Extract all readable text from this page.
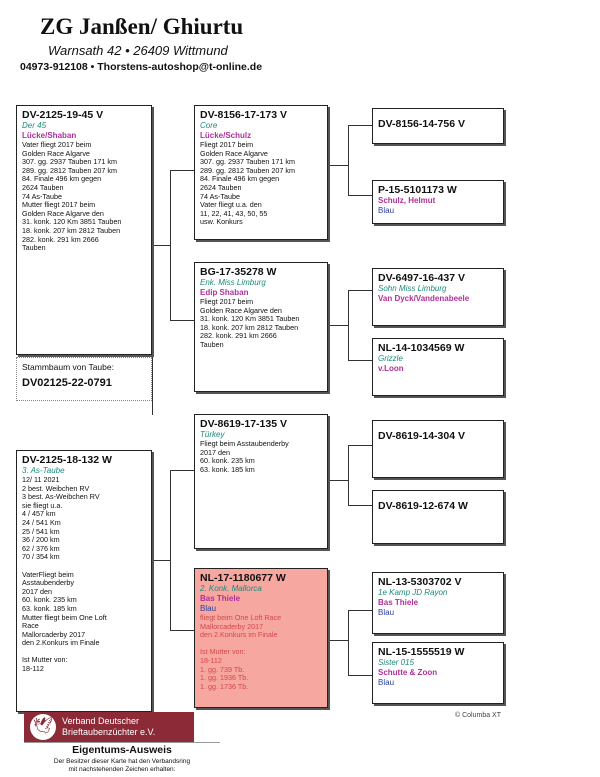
ZG Janßen/ Ghiurtu
Warnsath 42 • 26409 Wittmund
04973-912108 • Thorstens-autoshop@t-online.de
DV-2125-19-45 V
Der 45
Lücke/Shaban
Vater fliegt 2017 beim
Golden Race Algarve
307. gg. 2937 Tauben 171 km
289. gg. 2812 Tauben 207 km
84. Finale 496 km gegen
2624 Tauben
74 As-Taube
Mutter fliegt 2017 beim
Golden Race Algarve den
31. konk. 120 Km 3851 Tauben
18. konk. 207 km 2812 Tauben
282. konk. 291 km 2666
Tauben
Stammbaum von Taube:
DV02125-22-0791
DV-2125-18-132 W
3. As-Taube
12/ 11 2021
2 best. Weibchen RV
3 best. As-Weibchen RV
sie fliegt u.a.
4 / 457 km
24 / 541 Km
25 / 541 km
36 / 200 km
62 / 376 km
70 / 354 km

VaterFliegt beim
Asstaubenderby
2017 den
60. konk. 235 km
63. konk. 185 km
Mutter fliegt beim One Loft
Race
Mallorcaderby 2017
den 2.Konkurs im Finale

Ist Mutter von:
18-112
DV-8156-17-173 V
Core
Lücke/Schulz
Fliegt 2017 beim
Golden Race Algarve
307. gg. 2937 Tauben 171 km
289. gg. 2812 Tauben 207 km
84. Finale 496 km gegen
2624 Tauben
74 As-Taube
Vater fliegt u.a. den
11, 22, 41, 43, 50, 55
usw. Konkurs
BG-17-35278 W
Enk. Miss Limburg
Edip Shaban
Fliegt 2017 beim
Golden Race Algarve den
31. konk. 120 Km 3851 Tauben
18. konk. 207 km 2812 Tauben
282. konk. 291 km 2666
Tauben
DV-8619-17-135 V
Türkey
Fliegt beim Asstaubenderby
2017 den
60. konk. 235 km
63. konk. 185 km
NL-17-1180677 W
2. Konk. Mallorca
Bas Thiele
Blau
fliegt beim One Loft Race
Mallorcaderby 2017
den 2.Konkurs im Finale

Ist Mutter von:
18-112
1. gg. 739 Tb.
1. gg. 1936 Tb.
1. gg. 1736 Tb.
DV-8156-14-756 V
P-15-5101173 W
Schulz, Helmut
Blau
DV-6497-16-437 V
Sohn Miss Limburg
Van Dyck/Vandenabeele
NL-14-1034569 W
Grizzle
v.Loon
DV-8619-14-304 V
DV-8619-12-674 W
NL-13-5303702 V
1e Kamp JD Rayon
Bas Thiele
Blau
NL-15-1555519 W
Sister 015
Schutte & Zoon
Blau
© Columba XT
🕊 Verband Deutscher
Brieftaubenzüchter e.V.
Eigentums-Ausweis
Der Besitzer dieser Karte hat den Verbandsring
mit nachstehenden Zeichen erhalten:
